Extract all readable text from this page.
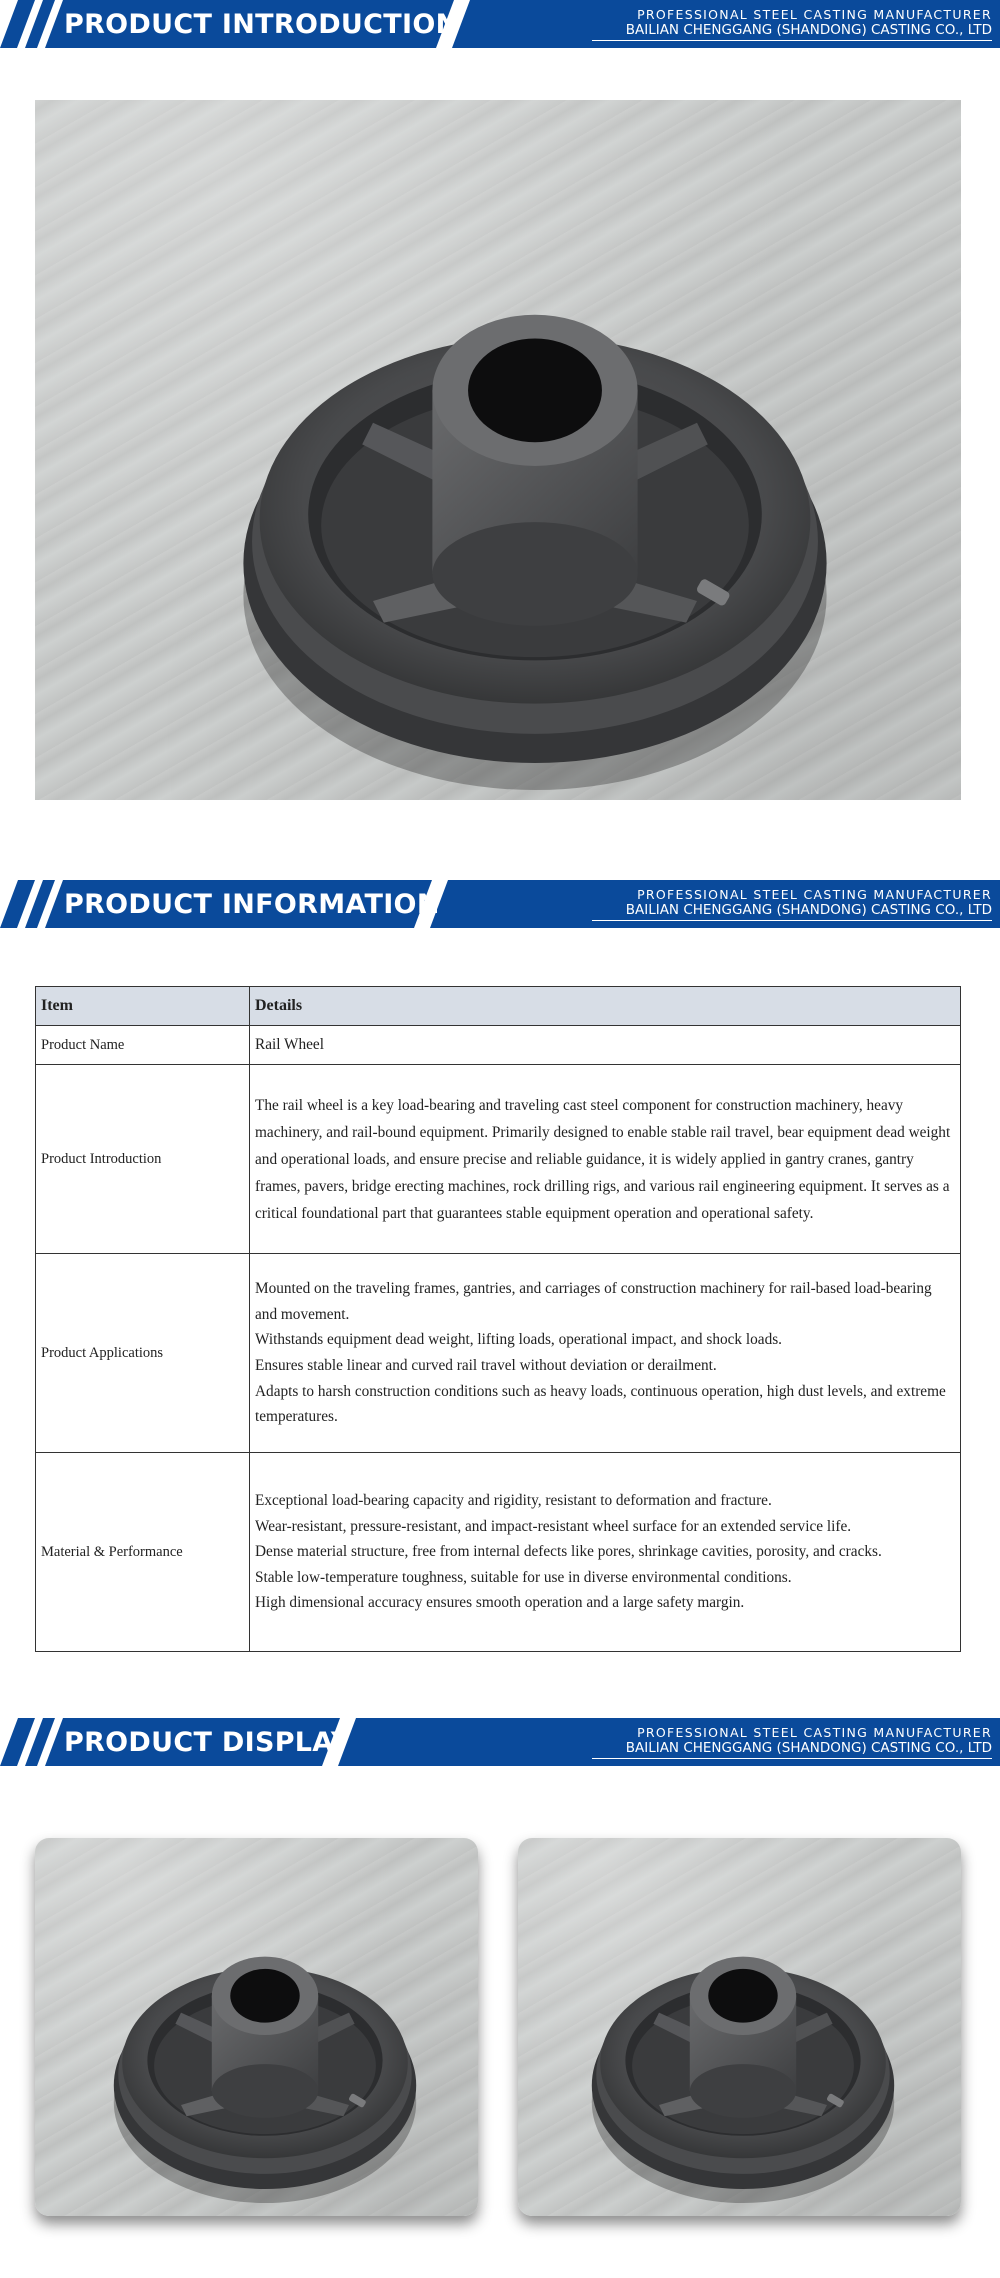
PRODUCT INTRODUCTION	PROFESSIONAL STEEL CASTING MANUFACTURER
BAILIAN CHENGGANG (SHANDONG) CASTING CO., LTD
PRODUCT INFORMATION	PROFESSIONAL STEEL CASTING MANUFACTURER
BAILIAN CHENGGANG (SHANDONG) CASTING CO., LTD
Item	Details
Product Name	Rail Wheel
Product Introduction	The rail wheel is a key load-bearing and traveling cast steel component for construction machinery, heavy machinery, and rail-bound equipment. Primarily designed to enable stable rail travel, bear equipment dead weight and operational loads, and ensure precise and reliable guidance, it is widely applied in gantry cranes, gantry frames, pavers, bridge erecting machines, rock drilling rigs, and various rail engineering equipment. It serves as a critical foundational part that guarantees stable equipment operation and operational safety.
Product Applications	Mounted on the traveling frames, gantries, and carriages of construction machinery for rail-based load-bearing and movement.
Withstands equipment dead weight, lifting loads, operational impact, and shock loads.
Ensures stable linear and curved rail travel without deviation or derailment.
Adapts to harsh construction conditions such as heavy loads, continuous operation, high dust levels, and extreme temperatures.

Material & Performance	Exceptional load-bearing capacity and rigidity, resistant to deformation and fracture.
Wear-resistant, pressure-resistant, and impact-resistant wheel surface for an extended service life.
Dense material structure, free from internal defects like pores, shrinkage cavities, porosity, and cracks.
Stable low-temperature toughness, suitable for use in diverse environmental conditions.
High dimensional accuracy ensures smooth operation and a large safety margin.
PRODUCT DISPLAY	PROFESSIONAL STEEL CASTING MANUFACTURER
BAILIAN CHENGGANG (SHANDONG) CASTING CO., LTD
